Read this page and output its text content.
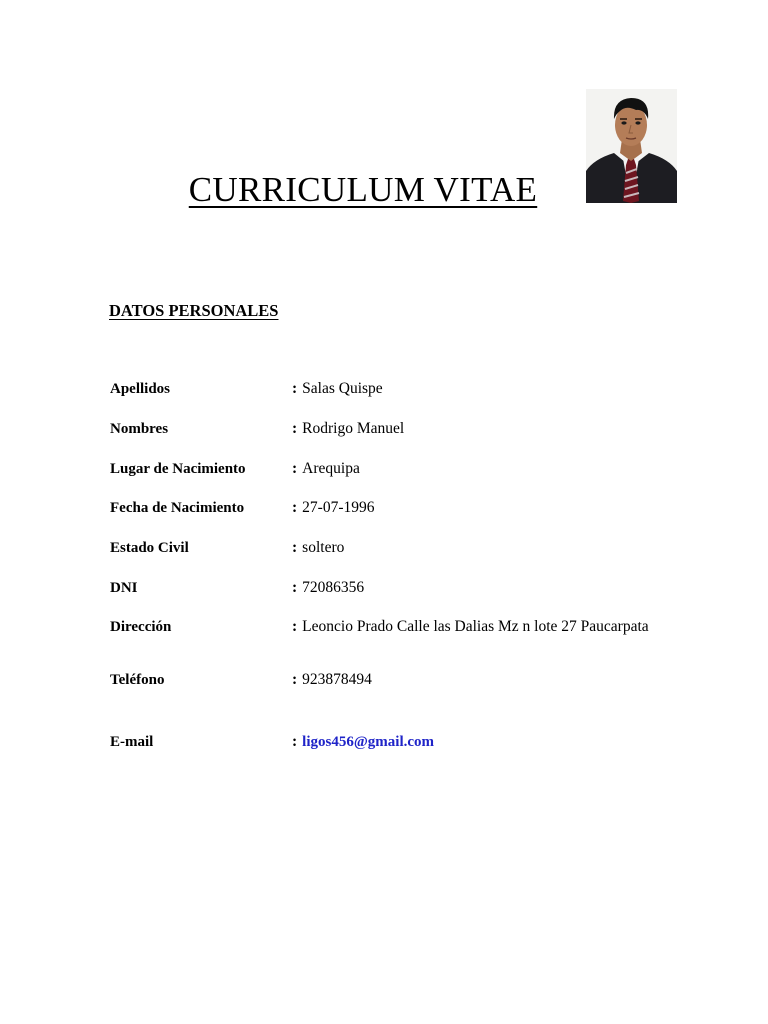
CURRICULUM VITAE
DATOS PERSONALES
Apellidos	: Salas Quispe
Nombres	: Rodrigo Manuel
Lugar de Nacimiento	: Arequipa
Fecha de Nacimiento	: 27-07-1996
Estado Civil	: soltero
DNI	: 72086356
Dirección	: Leoncio Prado Calle las Dalias Mz n lote 27 Paucarpata
Teléfono	: 923878494
E-mail	: ligos456@gmail.com
